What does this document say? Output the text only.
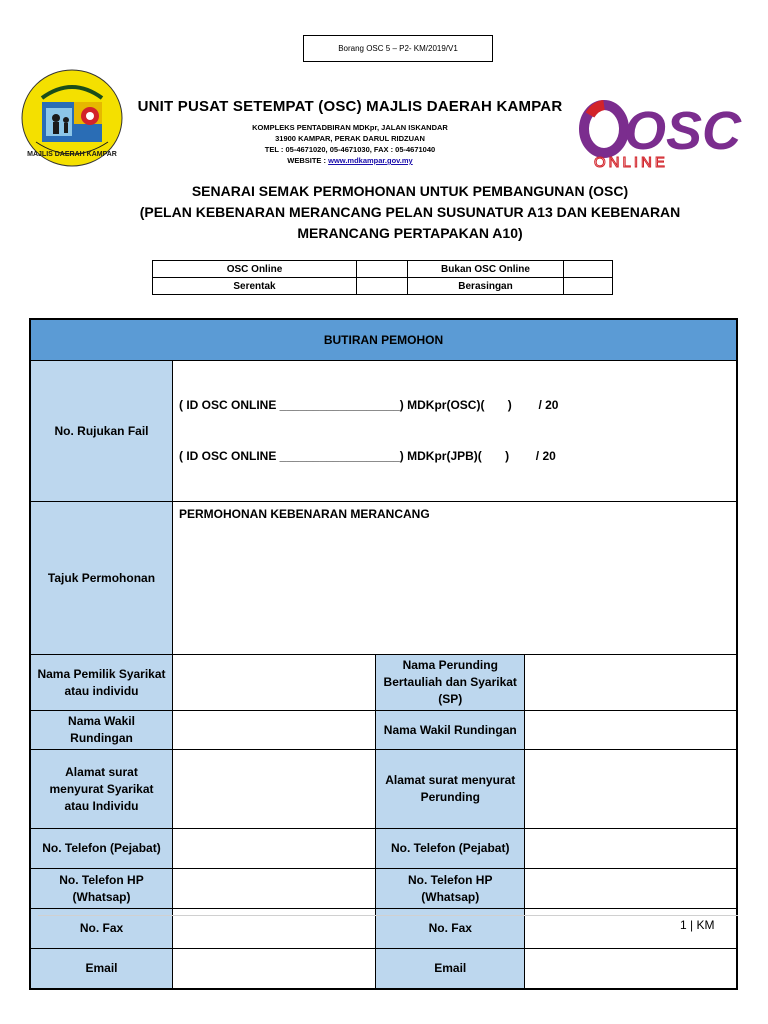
Borang OSC 5 – P2- KM/2019/V1
MAJLIS DAERAH KAMPAR
UNIT PUSAT SETEMPAT (OSC) MAJLIS DAERAH KAMPAR
KOMPLEKS PENTADBIRAN MDKpr, JALAN ISKANDAR
31900 KAMPAR, PERAK DARUL RIDZUAN
TEL : 05-4671020, 05-4671030, FAX : 05-4671040
WEBSITE : www.mdkampar.gov.my	OSC
ONLINE
SENARAI SEMAK PERMOHONAN UNTUK PEMBANGUNAN (OSC)
(PELAN KEBENARAN MERANCANG PELAN SUSUNATUR A13 DAN KEBENARAN
MERANCANG PERTAPAKAN A10)
OSC Online		Bukan OSC Online	
Serentak		Berasingan	
BUTIRAN PEMOHON			
No. Rujukan Fail	( ID OSC ONLINE __________________) MDKpr(OSC)(       )        / 20

( ID OSC ONLINE __________________) MDKpr(JPB)(       )        / 20		

Tajuk Permohonan	PERMOHONAN KEBENARAN MERANCANG		
Nama Pemilik Syarikat atau individu		Nama Perunding Bertauliah dan Syarikat (SP)	
Nama Wakil Rundingan		Nama Wakil Rundingan	
Alamat surat menyurat Syarikat atau Individu		Alamat surat menyurat Perunding	
No. Telefon (Pejabat)		No. Telefon (Pejabat)	
No. Telefon HP (Whatsap)		No. Telefon HP (Whatsap)	
No. Fax		No. Fax	
Email		Email	
1 | KM
